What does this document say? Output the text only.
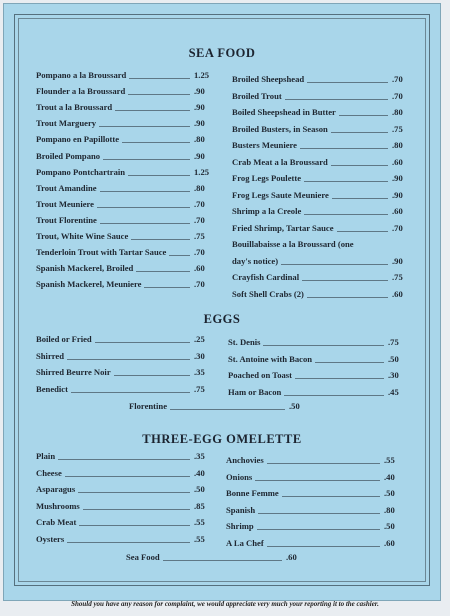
SEA FOOD
Pompano a la Broussard	1.25
Flounder a la Broussard	.90
Trout a la Broussard	.90
Trout Marguery	.90
Pompano en Papillotte	.80
Broiled Pompano	.90
Pompano Pontchartrain	1.25
Trout Amandine	.80
Trout Meuniere	.70
Trout Florentine	.70
Trout, White Wine Sauce	.75
Tenderloin Trout with Tartar Sauce	.70
Spanish Mackerel, Broiled	.60
Spanish Mackerel, Meuniere	.70
Broiled Sheepshead	.70
Broiled Trout	.70
Boiled Sheepshead in Butter	.80
Broiled Busters, in Season	.75
Busters Meuniere	.80
Crab Meat a la Broussard	.60
Frog Legs Poulette	.90
Frog Legs Saute Meuniere	.90
Shrimp a la Creole	.60
Fried Shrimp, Tartar Sauce	.70
Bouillabaisse a la Broussard (one
day's notice)	.90
Crayfish Cardinal	.75
Soft Shell Crabs (2)	.60
EGGS
Boiled or Fried	.25
Shirred	.30
Shirred Beurre Noir	.35
Benedict	.75
St. Denis	.75
St. Antoine with Bacon	.50
Poached on Toast	.30
Ham or Bacon	.45
Florentine	.50
THREE-EGG OMELETTE
Plain	.35
Cheese	.40
Asparagus	.50
Mushrooms	.85
Crab Meat	.55
Oysters	.55
Anchovies	.55
Onions	.40
Bonne Femme	.50
Spanish	.80
Shrimp	.50
A La Chef	.60
Sea Food	.60
Should you have any reason for complaint, we would appreciate very much your reporting it to the cashier.
